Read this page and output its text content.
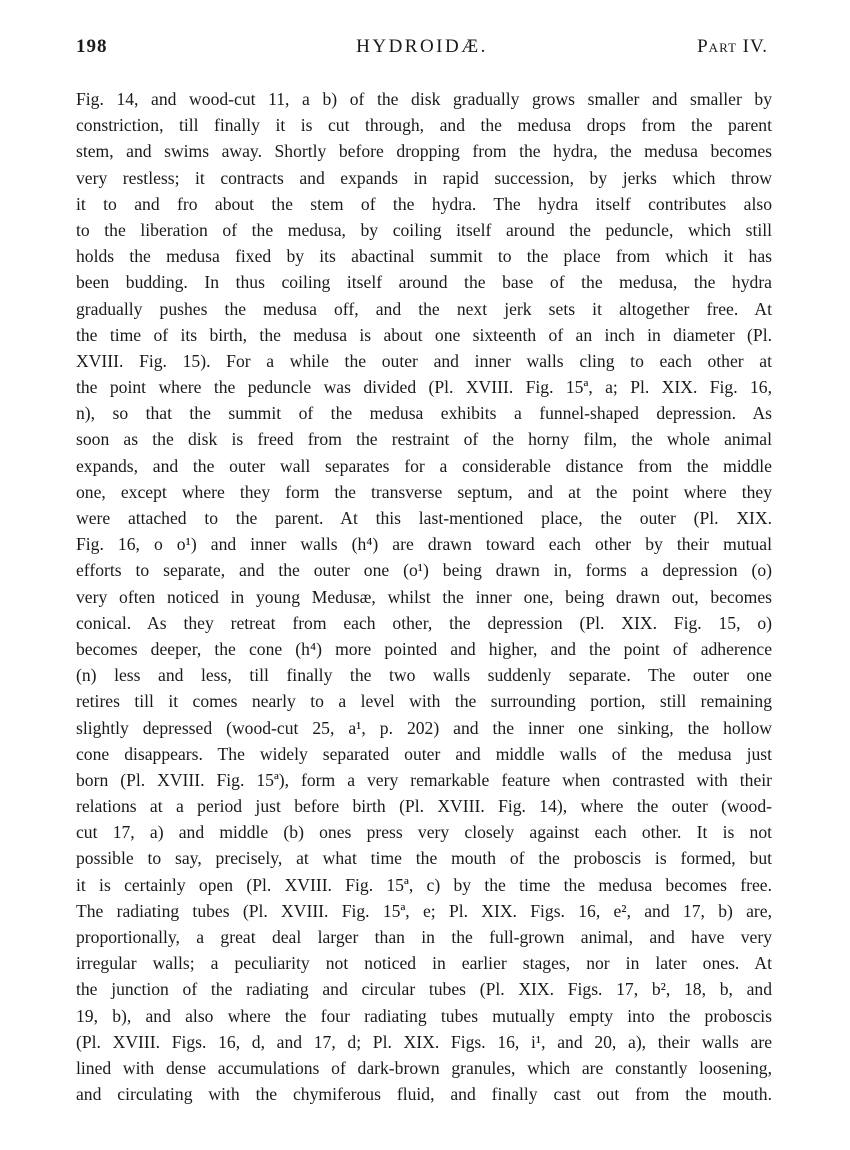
198	HYDROIDÆ.	Part IV.
Fig. 14, and wood-cut 11, a b) of the disk gradually grows smaller and smaller by
constriction, till finally it is cut through, and the medusa drops from the parent
stem, and swims away. Shortly before dropping from the hydra, the medusa becomes
very restless; it contracts and expands in rapid succession, by jerks which throw
it to and fro about the stem of the hydra. The hydra itself contributes also
to the liberation of the medusa, by coiling itself around the peduncle, which still
holds the medusa fixed by its abactinal summit to the place from which it has
been budding. In thus coiling itself around the base of the medusa, the hydra
gradually pushes the medusa off, and the next jerk sets it altogether free. At
the time of its birth, the medusa is about one sixteenth of an inch in diameter (Pl.
XVIII. Fig. 15). For a while the outer and inner walls cling to each other at
the point where the peduncle was divided (Pl. XVIII. Fig. 15ª, a; Pl. XIX. Fig. 16,
n), so that the summit of the medusa exhibits a funnel-shaped depression. As
soon as the disk is freed from the restraint of the horny film, the whole animal
expands, and the outer wall separates for a considerable distance from the middle
one, except where they form the transverse septum, and at the point where they
were attached to the parent. At this last-mentioned place, the outer (Pl. XIX.
Fig. 16, o o¹) and inner walls (h⁴) are drawn toward each other by their mutual
efforts to separate, and the outer one (o¹) being drawn in, forms a depression (o)
very often noticed in young Medusæ, whilst the inner one, being drawn out, becomes
conical. As they retreat from each other, the depression (Pl. XIX. Fig. 15, o)
becomes deeper, the cone (h⁴) more pointed and higher, and the point of adherence
(n) less and less, till finally the two walls suddenly separate. The outer one
retires till it comes nearly to a level with the surrounding portion, still remaining
slightly depressed (wood-cut 25, a¹, p. 202) and the inner one sinking, the hollow
cone disappears. The widely separated outer and middle walls of the medusa just
born (Pl. XVIII. Fig. 15ª), form a very remarkable feature when contrasted with their
relations at a period just before birth (Pl. XVIII. Fig. 14), where the outer (wood-
cut 17, a) and middle (b) ones press very closely against each other. It is not
possible to say, precisely, at what time the mouth of the proboscis is formed, but
it is certainly open (Pl. XVIII. Fig. 15ª, c) by the time the medusa becomes free.
The radiating tubes (Pl. XVIII. Fig. 15ª, e; Pl. XIX. Figs. 16, e², and 17, b) are,
proportionally, a great deal larger than in the full-grown animal, and have very
irregular walls; a peculiarity not noticed in earlier stages, nor in later ones. At
the junction of the radiating and circular tubes (Pl. XIX. Figs. 17, b², 18, b, and
19, b), and also where the four radiating tubes mutually empty into the proboscis
(Pl. XVIII. Figs. 16, d, and 17, d; Pl. XIX. Figs. 16, i¹, and 20, a), their walls are
lined with dense accumulations of dark-brown granules, which are constantly loosening,
and circulating with the chymiferous fluid, and finally cast out from the mouth.
